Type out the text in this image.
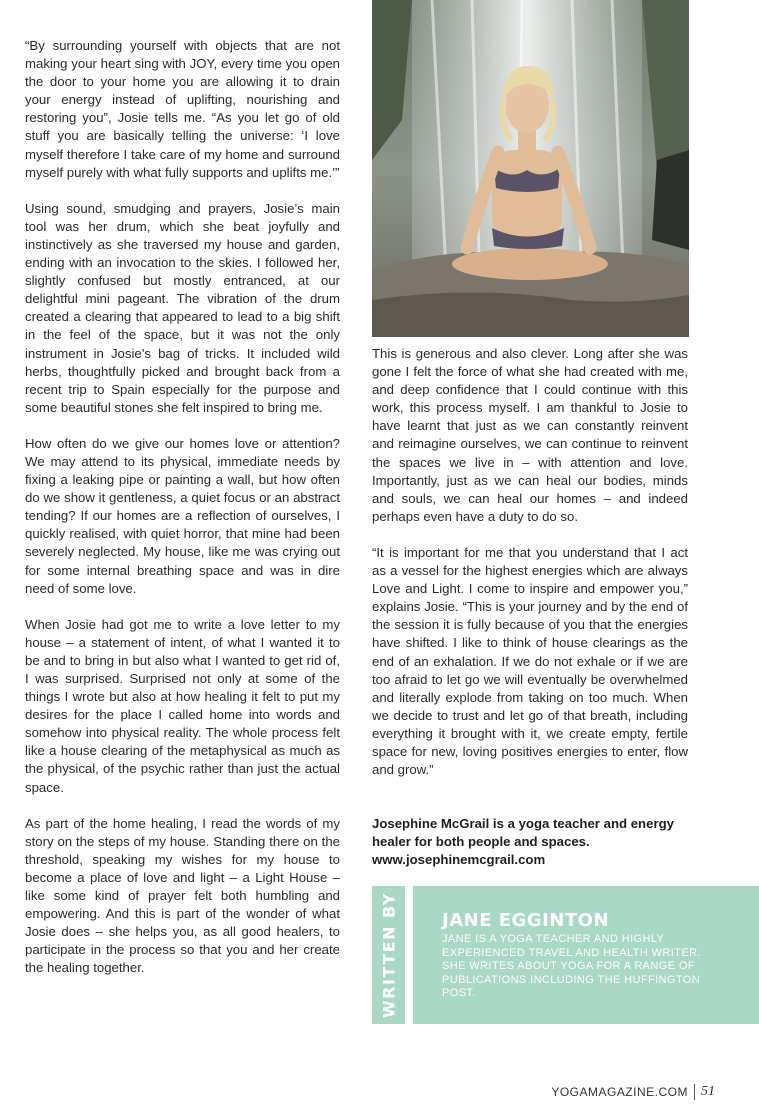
“By surrounding yourself with objects that are not making your heart sing with JOY, every time you open the door to your home you are allowing it to drain your energy instead of uplifting, nourishing and restoring you”, Josie tells me. “As you let go of old stuff you are basically telling the universe: ‘I love myself therefore I take care of my home and surround myself purely with what fully supports and uplifts me.’”

Using sound, smudging and prayers, Josie’s main tool was her drum, which she beat joyfully and instinctively as she traversed my house and garden, ending with an invocation to the skies. I followed her, slightly confused but mostly entranced, at our delightful mini pageant. The vibration of the drum created a clearing that appeared to lead to a big shift in the feel of the space, but it was not the only instrument in Josie’s bag of tricks. It included wild herbs, thoughtfully picked and brought back from a recent trip to Spain especially for the purpose and some beautiful stones she felt inspired to bring me.

How often do we give our homes love or attention? We may attend to its physical, immediate needs by fixing a leaking pipe or painting a wall, but how often do we show it gentleness, a quiet focus or an abstract tending? If our homes are a reflection of ourselves, I quickly realised, with quiet horror, that mine had been severely neglected. My house, like me was crying out for some internal breathing space and was in dire need of some love.

When Josie had got me to write a love letter to my house – a statement of intent, of what I wanted it to be and to bring in but also what I wanted to get rid of, I was surprised. Surprised not only at some of the things I wrote but also at how healing it felt to put my desires for the place I called home into words and somehow into physical reality. The whole process felt like a house clearing of the metaphysical as much as the physical, of the psychic rather than just the actual space.

As part of the home healing, I read the words of my story on the steps of my house. Standing there on the threshold, speaking my wishes for my house to become a place of love and light – a Light House – like some kind of prayer felt both humbling and empowering. And this is part of the wonder of what Josie does – she helps you, as all good healers, to participate in the process so that you and her create the healing together.

This is generous and also clever. Long after she was gone I felt the force of what she had created with me, and deep confidence that I could continue with this work, this process myself. I am thankful to Josie to have learnt that just as we can constantly reinvent and reimagine ourselves, we can continue to reinvent the spaces we live in – with attention and love. Importantly, just as we can heal our bodies, minds and souls, we can heal our homes – and indeed perhaps even have a duty to do so.

“It is important for me that you understand that I act as a vessel for the highest energies which are always Love and Light. I come to inspire and empower you,” explains Josie. “This is your journey and by the end of the session it is fully because of you that the energies have shifted. I like to think of house clearings as the end of an exhalation. If we do not exhale or if we are too afraid to let go we will eventually be overwhelmed and literally explode from taking on too much. When we decide to trust and let go of that breath, including everything it brought with it, we create empty, fertile space for new, loving positives energies to enter, flow and grow.”

Josephine McGrail is a yoga teacher and energy healer for both people and spaces. www.josephinemcgrail.com
WRITTEN BY JANE EGGINTON
JANE IS A YOGA TEACHER AND HIGHLY EXPERIENCED TRAVEL AND HEALTH WRITER. SHE WRITES ABOUT YOGA FOR A RANGE OF PUBLICATIONS INCLUDING THE HUFFINGTON POST.
YOGAMAGAZINE.COM 51
